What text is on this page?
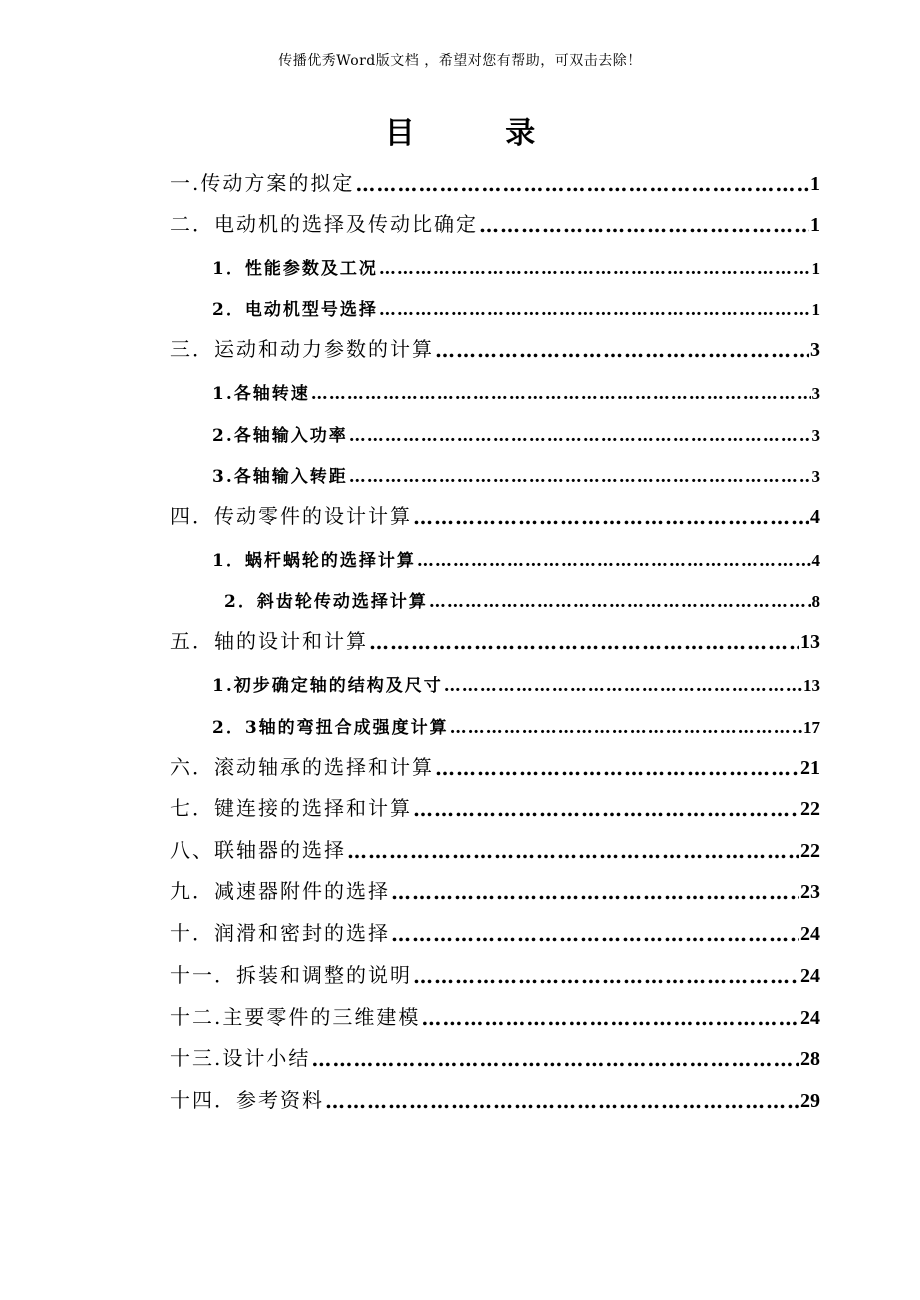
传播优秀Word版文档 ，希望对您有帮助，可双击去除！
目 录
一.传动方案的拟定 ……………………………………………………………………………………………………………………………………………………………	1
二．电动机的选择及传动比确定 ……………………………………………………………………………………………………………………………………………………………	1
1．性能参数及工况 ……………………………………………………………………………………………………………………………………………………………	1
2．电动机型号选择 ……………………………………………………………………………………………………………………………………………………………	1
三．运动和动力参数的计算 ……………………………………………………………………………………………………………………………………………………………	3
1.各轴转速 ……………………………………………………………………………………………………………………………………………………………	3
2.各轴输入功率 ……………………………………………………………………………………………………………………………………………………………	3
3.各轴输入转距 ……………………………………………………………………………………………………………………………………………………………	3
四．传动零件的设计计算 ……………………………………………………………………………………………………………………………………………………………	4
1．蜗杆蜗轮的选择计算 ……………………………………………………………………………………………………………………………………………………………	4
2．斜齿轮传动选择计算 ……………………………………………………………………………………………………………………………………………………………	8
五．轴的设计和计算 ……………………………………………………………………………………………………………………………………………………………	13
1.初步确定轴的结构及尺寸 ……………………………………………………………………………………………………………………………………………………………	13
2．3轴的弯扭合成强度计算 ……………………………………………………………………………………………………………………………………………………………	17
六．滚动轴承的选择和计算 ……………………………………………………………………………………………………………………………………………………………	21
七．键连接的选择和计算 ……………………………………………………………………………………………………………………………………………………………	22
八、联轴器的选择 ……………………………………………………………………………………………………………………………………………………………	22
九．减速器附件的选择 ……………………………………………………………………………………………………………………………………………………………	23
十．润滑和密封的选择 ……………………………………………………………………………………………………………………………………………………………	24
十一．拆装和调整的说明 ……………………………………………………………………………………………………………………………………………………………	24
十二.主要零件的三维建模 ……………………………………………………………………………………………………………………………………………………………	24
十三.设计小结 ……………………………………………………………………………………………………………………………………………………………	28
十四．参考资料 ……………………………………………………………………………………………………………………………………………………………	29
